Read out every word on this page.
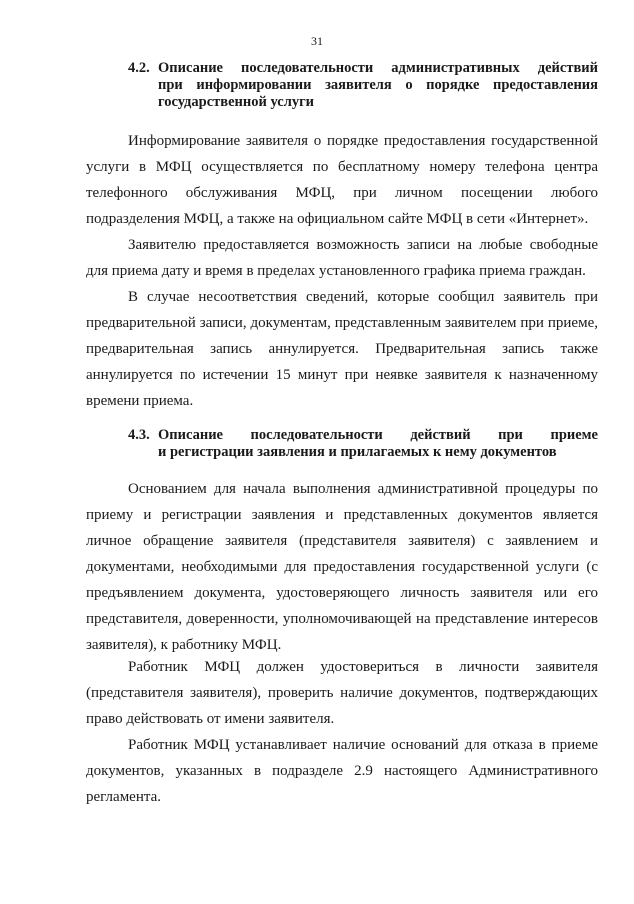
31
4.2. Описание последовательности административных действий
при информировании заявителя о порядке предоставления
государственной услуги

Информирование заявителя о порядке предоставления государственной услуги в МФЦ осуществляется по бесплатному номеру телефона центра телефонного обслуживания МФЦ, при личном посещении любого подразделения МФЦ, а также на официальном сайте МФЦ в сети «Интернет».

Заявителю предоставляется возможность записи на любые свободные для приема дату и время в пределах установленного графика приема граждан.

В случае несоответствия сведений, которые сообщил заявитель при предварительной записи, документам, представленным заявителем при приеме, предварительная запись аннулируется. Предварительная запись также аннулируется по истечении 15 минут при неявке заявителя к назначенному времени приема.

4.3. Описание последовательности действий при приеме
и регистрации заявления и прилагаемых к нему документов

Основанием для начала выполнения административной процедуры по приему и регистрации заявления и представленных документов является личное обращение заявителя (представителя заявителя) с заявлением и документами, необходимыми для предоставления государственной услуги (с предъявлением документа, удостоверяющего личность заявителя или его представителя, доверенности, уполномочивающей на представление интересов заявителя), к работнику МФЦ.

Работник МФЦ должен удостовериться в личности заявителя (представителя заявителя), проверить наличие документов, подтверждающих право действовать от имени заявителя.

Работник МФЦ устанавливает наличие оснований для отказа в приеме документов, указанных в подразделе 2.9 настоящего Административного регламента.
